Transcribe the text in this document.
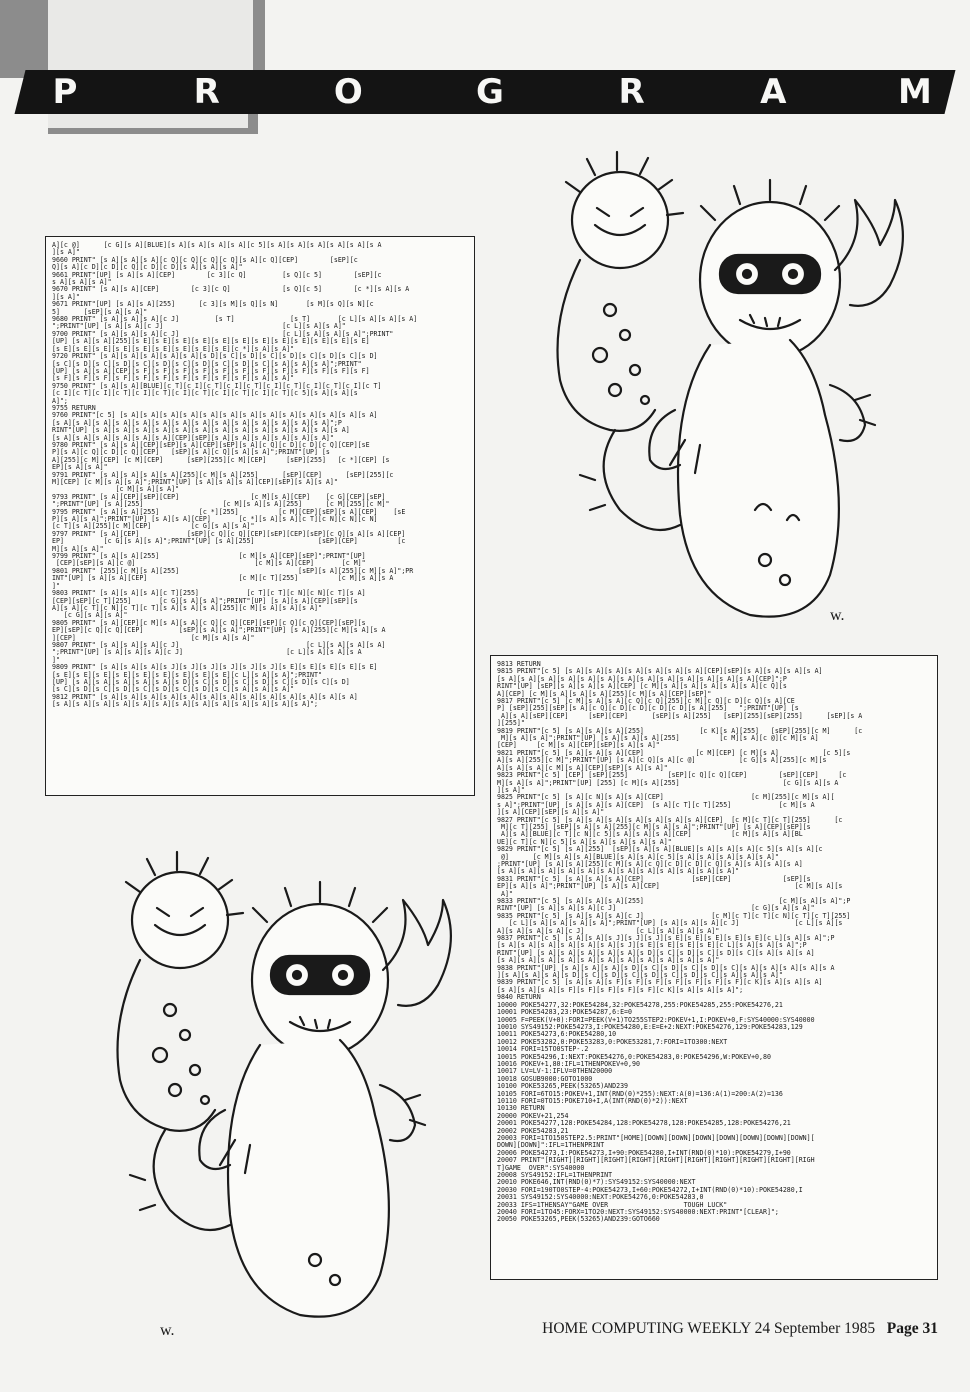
P	R	O	G	R	A	M
w.
A][c @]      [c G][s A][BLUE][s A][s A][s A][s A][c 5][s A][s A][s A][s A][s A][s A
][s A]"
9660 PRINT" [s A][s A][s A][c Q][c Q][c Q][c Q][s A][c Q][CEP]        [sEP][c
Q][s A][c D][c D][c Q][c D][c D][s A][s A][s A]"
9661 PRINT"[UP] [s A][s A][CEP]        [c 3][c Q]         [s Q][c 5]        [sEP][c
s A][s A][s A]"
9670 PRINT" [s A][s A][CEP]        [c 3][c Q]             [s Q][c 5]        [c *][s A][s A
][s A]"
9671 PRINT"[UP] [s A][s A][255]      [c 3][s M][s Q][s N]       [s M][s Q][s N][c
5]      [sEP][s A][s A]"
9680 PRINT" [s A][s A][s A][c J]         [s T]              [s T]       [c L][s A][s A][s A]
";PRINT"[UP] [s A][s A][c J]                              [c L][s A][s A]"
9700 PRINT" [s A][s A][s A][c J]                          [c L][s A][s A][s A]";PRINT"
[UP] [s A][s A][255][s E][s E][s E][s E][s E][s E][s E][s E][s E][s E][s E][s E]
[s E][s E][s E][s E][s E][s E][s E][s E][s E][c *][s A][s A]"
9720 PRINT" [s A][s A][s A][s A][s A][s D][s C][s D][s C][s D][s C][s D][s C][s D]
[s C][s D][s C][s D][s C][s D][s C][s D][s C][s D][s C][s A][s A][s A]";PRINT"
[UP] [s A][s A][CEP][s F][s F][s F][s F][s F][s F][s F][s F][s F][s F][s F][s F]
[s F][s F][s F][s F][s F][s F][s F][s F][s F][s F][s A][s A]"
9750 PRINT" [s A][s A][BLUE][c T][c I][c T][c I][c T][c I][c T][c I][c T][c I][c T]
[c I][c T][c I][c T][c I][c T][c I][c T][c I][c T][c I][c T][c 5][s A][s A][s
A]";
9755 RETURN
9760 PRINT"[c 5] [s A][s A][s A][s A][s A][s A][s A][s A][s A][s A][s A][s A][s A]
[s A][s A][s A][s A][s A][s A][s A][s A][s A][s A][s A][s A][s A][s A]";P
RINT"[UP] [s A][s A][s A][s A][s A][s A][s A][s A][s A][s A][s A][s A][s A]
[s A][s A][s A][s A][s A][s A][CEP][sEP][s A][s A][s A][s A][s A][s A]"
9780 PRINT" [s A][s A][CEP][sEP][s A][CEP][sEP][s A][c Q][c D][c D][c Q][CEP][sE
P][s A][c Q][c D][c Q][CEP]   [sEP][s A][c Q][s A][s A]";PRINT"[UP] [s
A][255][c M][CEP] [c M][CEP]      [sEP][255][c M][CEP]     [sEP][255]   [c *][CEP] [s
EP][s A][s A]"
9791 PRINT" [s A][s A][s A][s A][255][c M][s A][255]      [sEP][CEP]      [sEP][255][c
M][CEP] [c M][s A][s A]";PRINT"[UP] [s A][s A][s A][CEP][sEP][s A][s A]"
[c M][s A][s A]"
9793 PRINT" [s A][CEP][sEP][CEP]                  [c M][s A][CEP]    [c G][CEP][sEP]
";PRINT"[UP] [s A][255]                    [c M][s A][s A][255]      [c M][255][c M]"
9795 PRINT" [s A][s A][255]          [c *][255]          [c M][CEP][sEP][s A][CEP]    [sE
P][s A][s A]";PRINT"[UP] [s A][s A][CEP]       [c *][s A][s A][c T][c N][c N][c N]
[c T][s A][255][c M][CEP]          [c G][s A][s A]"
9797 PRINT" [s A][CEP]            [sEP][c Q][c Q][CEP][sEP][CEP][sEP][c Q][s A][s A][CEP]
EP]          [c G][s A][s A]";PRINT"[UP] [s A][255]                [sEP][CEP]          [c
M][s A][s A]"
9799 PRINT" [s A][s A][255]                    [c M][s A][CEP][sEP]";PRINT"[UP]
[CEP][sEP][s A][c @]                              [c M][s A][CEP]       [c M]"
9801 PRINT" [255][c M][s A][255]                              [sEP][s A][255][c M][s A]";PR
INT"[UP] [s A][s A][CEP]                       [c M][c T][255]          [c M][s A][s A
]"
9803 PRINT" [s A][s A][s A][c T][255]            [c T][c T][c N][c N][c T][s A]
[CEP][sEP][c T][255]       [c G][s A][s A]";PRINT"[UP] [s A][s A][CEP][sEP][s
A][s A][c T][c N][c T][c T][s A][s A][s A][255][c M][s A][s A][s A]"
[c G][s A][s A]"
9805 PRINT" [s A][CEP][c M][s A][s A][c Q][c Q][CEP][sEP][c Q][c Q][CEP][sEP][s
EP][sEP][c Q][c Q][CEP]         [sEP][s A][s A]";PRINT"[UP] [s A][255][c M][s A][s A
][CEP]                             [c M][s A][s A]"
9807 PRINT" [s A][s A][s A][c J]                                [c L][s A][s A][s A]
";PRINT"[UP] [s A][s A][s A][c J]                          [c L][s A][s A][s A
]"
9809 PRINT" [s A][s A][s A][s J][s J][s J][s J][s J][s J][s E][s E][s E][s E][s E]
[s E][s E][s E][s E][s E][s E][s E][s E][s E][c L][s A][s A]";PRINT"
[UP] [s A][s A][s A][s A][s A][s D][s C][s D][s C][s D][s C][s D][s C][s D]
[s C][s D][s C][s D][s C][s D][s C][s D][s C][s A][s A][s A]"
9812 PRINT" [s A][s A][s A][s A][s A][s A][s A][s A][s A][s A][s A][s A][s A]
[s A][s A][s A][s A][s A][s A][s A][s A][s A][s A][s A][s A][s A]";
w.
9813 RETURN
9815 PRINT"[c 5] [s A][s A][s A][s A][s A][s A][s A][CEP][sEP][s A][s A][s A][s A]
[s A][s A][s A][s A][s A][s A][s A][s A][s A][s A][s A][s A][s A][CEP]";P
RINT"[UP] [sEP][s A][s A][s A][CEP] [c M][s A][s A][s A][s A][s A][c Q][s
A][CEP] [c M][s A][s A][s A][255][c M][s A][CEP][sEP]"
9817 PRINT"[c 5] [c M][s A][s A][c Q][c Q][255][c M][c Q][c D][c Q][s A][CE
P] [sEP][255][sEP][s A][c Q][c D][c D][c D][c D][s A][255]   ";PRINT"[UP] [s
A][s A][sEP][CEP]     [sEP][CEP]      [sEP][s A][255]   [sEP][255][sEP][255]      [sEP][s A
][255]"
9819 PRINT"[c 5] [s A][s A][s A][255]              [c K][s A][255]   [sEP][255][c M]      [c
M][s A][s A]";PRINT"[UP] [s A][s A][s A][255]          [c M][s A][c @][c M][s A]
[CEP]     [c M][s A][CEP][sEP][s A][s A]"
9821 PRINT"[c 5] [s A][s A][s A][CEP]             [c M][CEP] [c M][s A]           [c 5][s
A][s A][255][c M]";PRINT"[UP] [s A][c Q][s A][c @]           [c G][s A][255][c M][s
A][s A][s A][c M][s A][CEP][sEP][s A][s A]"
9823 PRINT"[c 5] [CEP] [sEP][255]          [sEP][c Q][c Q][CEP]        [sEP][CEP]     [c
M][s A][s A]";PRINT"[UP] [255] [c M][s A][255]                          [c G][s A][s A
][s A]"
9825 PRINT"[c 5] [s A][c N][s A][s A][CEP]                      [c M][255][c M][s A][
s A]";PRINT"[UP] [s A][s A][s A][CEP]  [s A][c T][c T][255]            [c M][s A
][s A][CEP][sEP][s A][s A]"
9827 PRINT"[c 5] [s A][s A][s A][s A][s A][s A][s A][CEP]  [c M][c T][c T][255]      [c
M][c T][255] [sEP][s A][s A][255][c M][s A][s A]";PRINT"[UP] [s A][CEP][sEP][s
A][s A][BLUE][c T][c N][c 5][s A][s A][s A][CEP]          [c M][s A][s A][BL
UE][c T][c N][c 5][s A][s A][s A][s A][s A]"
9829 PRINT"[c 5] [s A][255]  [sEP][s A][s A][BLUE][s A][s A][s A][c 5][s A][s A][c
@]      [c M][s A][s A][BLUE][s A][s A][c 5][s A][s A][s A][s A][s A]"
;PRINT"[UP] [s A][s A][255][c M][s A][c Q][c D][c D][c Q][s A][s A][s A][s A]
[s A][s A][s A][s A][s A][s A][s A][s A][s A][s A][s A][s A]"
9831 PRINT"[c 5] [s A][s A][s A][CEP]            [sEP][CEP]             [sEP][s
EP][s A][s A]";PRINT"[UP] [s A][s A][CEP]                                  [c M][s A][s
A]"
9833 PRINT"[c 5] [s A][s A][s A][255]                                  [c M][s A][s A]";P
RINT"[UP] [s A][s A][s A][c J]                                  [c G][s A][s A]"
9835 PRINT"[c 5] [s A][s A][s A][c J]                 [c M][c T][c T][c N][c T][c T][255]
[c L][s A][s A][s A][s A]";PRINT"[UP] [s A][s A][s A][c J]              [c L][s A][s
A][s A][s A][s A][c J]             [c L][s A][s A][s A]"
9837 PRINT"[c 5] [s A][s A][s J][s J][s J][s E][s E][s E][s E][s E][c L][s A][s A]";P
[s A][s A][s A][s A][s A][s A][s J][s E][s E][s E][s E][c L][s A][s A][s A]";P
RINT"[UP] [s A][s A][s A][s A][s A][s D][s C][s D][s C][s D][s C][s A][s A][s A]
[s A][s A][s A][s A][s A][s A][s A][s A][s A][s A][s A]"
9838 PRINT"[UP] [s A][s A][s A][s D][s C][s D][s C][s D][s C][s A][s A][s A][s A][s A
][s A][s A][s A][s D][s C][s D][s C][s D][s C][s D][s C][s A][s A][s A]"
9839 PRINT"[c 5] [s A][s A][s F][s F][s F][s F][s F][s F][s F][c K][s A][s A][s A]
[s A][s A][s A][s F][s F][s F][s F][s F][c K][s A][s A][s A]";
9840 RETURN
10000 POKE54277,32:POKE54284,32:POKE54278,255:POKE54285,255:POKE54276,21
10001 POKE54283,23:POKE54287,6:E=0
10005 F=PEEK(V+0):FORI=PEEK(V+1)TO255STEP2:POKEV+1,I:POKEV+0,F:SYS40000:SYS40000
10010 SYS49152:POKE54273,I:POKE54280,E:E=E+2:NEXT:POKE54276,129:POKE54283,129
10011 POKE54273,6:POKE54280,10
10012 POKE53282,0:POKE53283,0:POKE53281,7:FORI=1TO300:NEXT
10014 FORI=15TO0STEP-.2
10015 POKE54296,I:NEXT:POKE54276,0:POKE54283,0:POKE54296,W:POKEV+0,80
10016 POKEV+1,80:IFL=1THENPOKEV+0,90
10017 LV=LV-1:IFLV=0THEN20000
10018 GOSUB9000:GOTO1000
10100 POKE53265,PEEK(53265)AND239
10105 FORI=6TO15:POKEV+1,INT(RND(0)*255):NEXT:A(0)=136:A(1)=200:A(2)=136
10110 FORI=0TO15:POKE710+I,A(INT(RND(0)*2)):NEXT
10130 RETURN
20000 POKEV+21,254
20001 POKE54277,128:POKE54284,128:POKE54278,128:POKE54285,128:POKE54276,21
20002 POKE54283,21
20003 FORI=1TO150STEP2.5:PRINT"[HOME][DOWN][DOWN][DOWN][DOWN][DOWN][DOWN][DOWN][
DOWN][DOWN]":IFL=1THENPRINT
20006 POKE54273,I:POKE54273,I+90:POKE54280,I+INT(RND(0)*10):POKE54279,I+90
20007 PRINT"[RIGHT][RIGHT][RIGHT][RIGHT][RIGHT][RIGHT][RIGHT][RIGHT][RIGHT][RIGH
T]GAME  OVER":SYS40000
20008 SYS49152:IFL=1THENPRINT
20010 POKE646,INT(RND(0)*7):SYS49152:SYS40000:NEXT
20030 FORI=190TO0STEP-4:POKE54273,I+60:POKE54272,I+INT(RND(0)*10):POKE54280,I
20031 SYS49152:SYS40000:NEXT:POKE54276,0:POKE54283,0
20033 IFS=1THENSAY"GAME OVER                   TOUGH LUCK"
20040 FORI=1TO45:FORX=1TO20:NEXT:SYS49152:SYS40000:NEXT:PRINT"[CLEAR]";
20050 POKE53265,PEEK(53265)AND239:GOTO660
HOME COMPUTING WEEKLY 24 September 1985 Page 31
